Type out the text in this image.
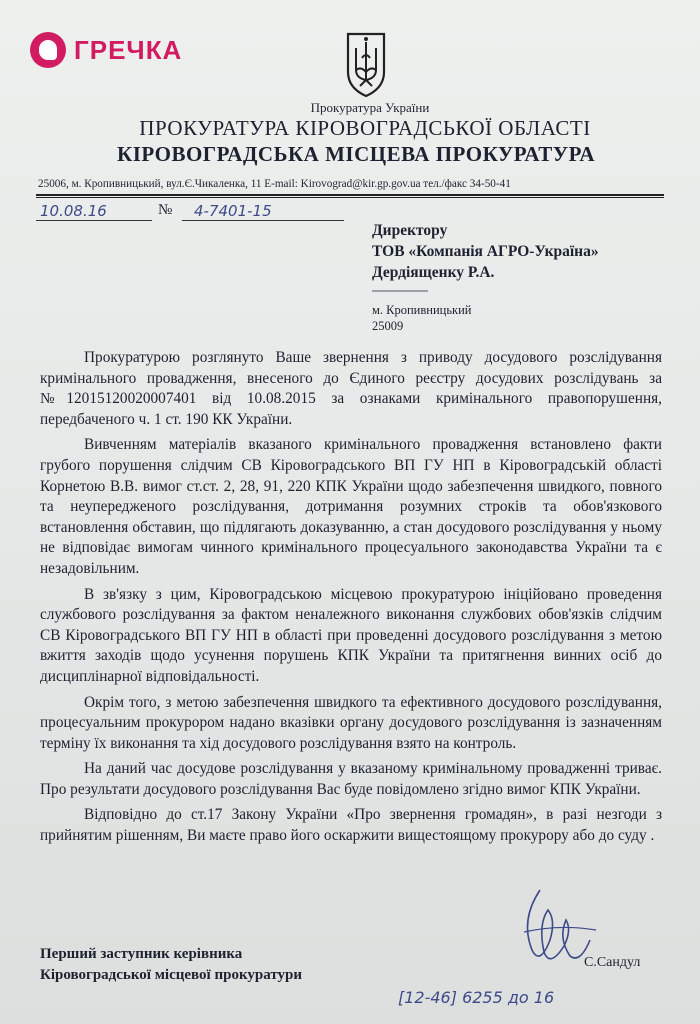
ГРЕЧКА
Прокуратура України
ПРОКУРАТУРА КІРОВОГРАДСЬКОЇ ОБЛАСТІ
КІРОВОГРАДСЬКА МІСЦЕВА ПРОКУРАТУРА
25006, м. Кропивницький, вул.Є.Чикаленка, 11 E-mail: Kirovograd@kir.gp.gov.ua тел./факс 34-50-41
10.08.16	№	4-7401-15
Директору
ТОВ «Компанія АГРО-Україна»
Дердіященку Р.А.
м. Кропивницький
25009

Прокуратурою розглянуто Ваше звернення з приводу досудового розслідування кримінального провадження, внесеного до Єдиного реєстру досудових розслідувань за №12015120020007401 від 10.08.2015 за ознаками кримінального правопорушення, передбаченого ч. 1 ст. 190 КК України.

Вивченням матеріалів вказаного кримінального провадження встановлено факти грубого порушення слідчим СВ Кіровоградського ВП ГУ НП в Кіровоградській області Корнетою В.В. вимог ст.ст. 2, 28, 91, 220 КПК України щодо забезпечення швидкого, повного та неупередженого розслідування, дотримання розумних строків та обов'язкового встановлення обставин, що підлягають доказуванню, а стан досудового розслідування у ньому не відповідає вимогам чинного кримінального процесуального законодавства України та є незадовільним.

В зв'язку з цим, Кіровоградською місцевою прокуратурою ініційовано проведення службового розслідування за фактом неналежного виконання службових обов'язків слідчим СВ Кіровоградського ВП ГУ НП в області при проведенні досудового розслідування з метою вжиття заходів щодо усунення порушень КПК України та притягнення винних осіб до дисциплінарної відповідальності.

Окрім того, з метою забезпечення швидкого та ефективного досудового розслідування, процесуальним прокурором надано вказівки органу досудового розслідування із зазначенням терміну їх виконання та хід досудового розслідування взято на контроль.

На даний час досудове розслідування у вказаному кримінальному провадженні триває. Про результати досудового розслідування Вас буде повідомлено згідно вимог КПК України.

Відповідно до ст.17 Закону України «Про звернення громадян», в разі незгоди з прийнятим рішенням, Ви маєте право його оскаржити вищестоящому прокурору або до суду .

Перший заступник керівника
Кіровоградської місцевої прокуратури
С.Сандул
[12-46] 6255 до 16
